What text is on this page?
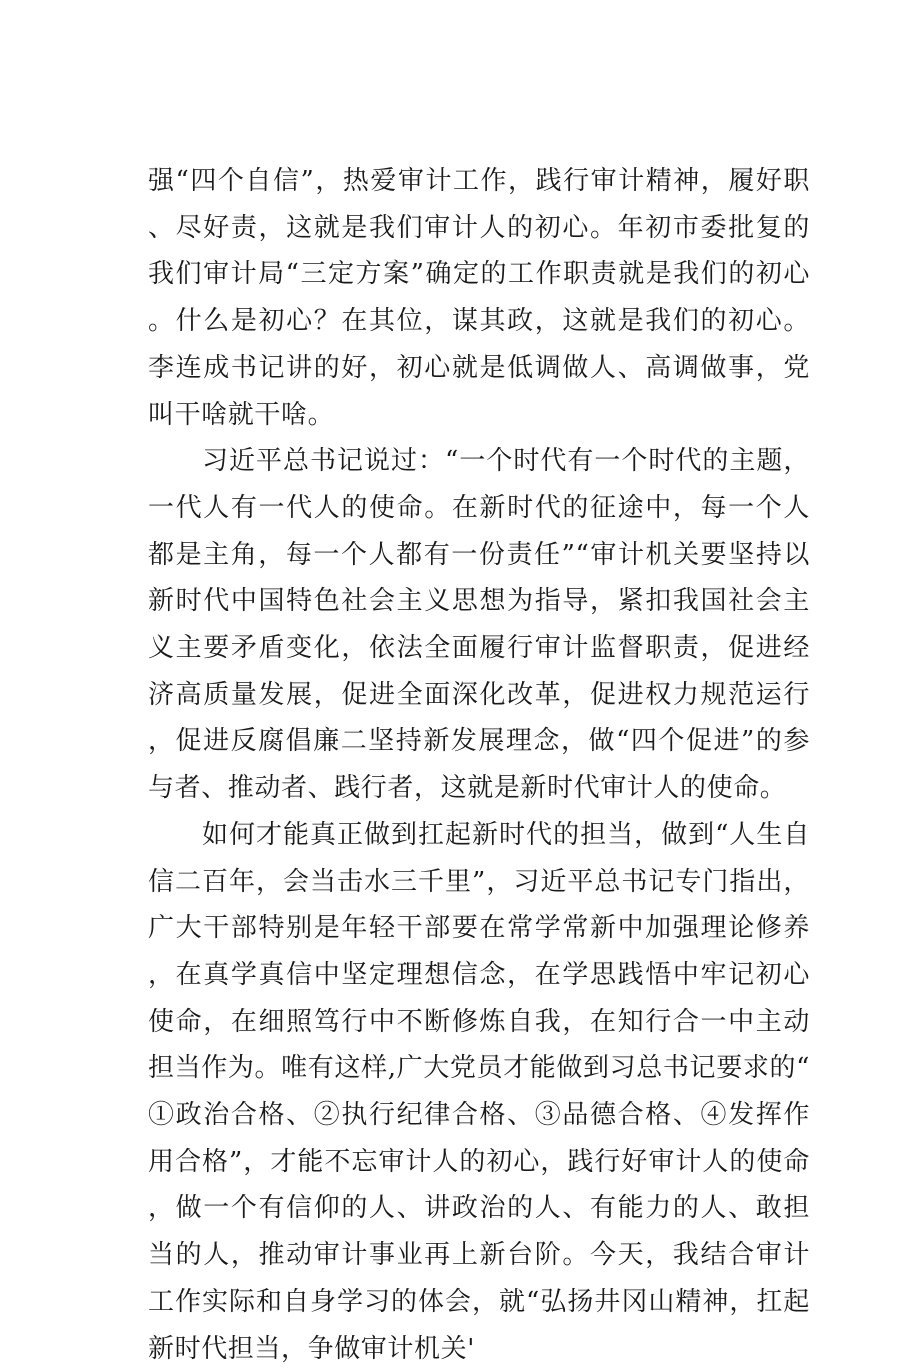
强“四个自信”，热爱审计工作，践行审计精神，履好职、尽好责，这就是我们审计人的初心。年初市委批复的我们审计局“三定方案”确定的工作职责就是我们的初心。什么是初心？在其位，谋其政，这就是我们的初心。李连成书记讲的好，初心就是低调做人、高调做事，党叫干啥就干啥。

习近平总书记说过：“一个时代有一个时代的主题，一代人有一代人的使命。在新时代的征途中，每一个人都是主角，每一个人都有一份责任”“审计机关要坚持以新时代中国特色社会主义思想为指导，紧扣我国社会主义主要矛盾变化，依法全面履行审计监督职责，促进经济高质量发展，促进全面深化改革，促进权力规范运行，促进反腐倡廉二坚持新发展理念，做“四个促进”的参与者、推动者、践行者，这就是新时代审计人的使命。

如何才能真正做到扛起新时代的担当，做到“人生自信二百年，会当击水三千里”，习近平总书记专门指出，广大干部特别是年轻干部要在常学常新中加强理论修养，在真学真信中坚定理想信念，在学思践悟中牢记初心使命，在细照笃行中不断修炼自我，在知行合一中主动担当作为。唯有这样,广大党员才能做到习总书记要求的“①政治合格、②执行纪律合格、③品德合格、④发挥作用合格”，才能不忘审计人的初心，践行好审计人的使命，做一个有信仰的人、讲政治的人、有能力的人、敢担当的人，推动审计事业再上新台阶。今天，我结合审计工作实际和自身学习的体会，就“弘扬井冈山精神，扛起新时代担当，争做审计机关'
